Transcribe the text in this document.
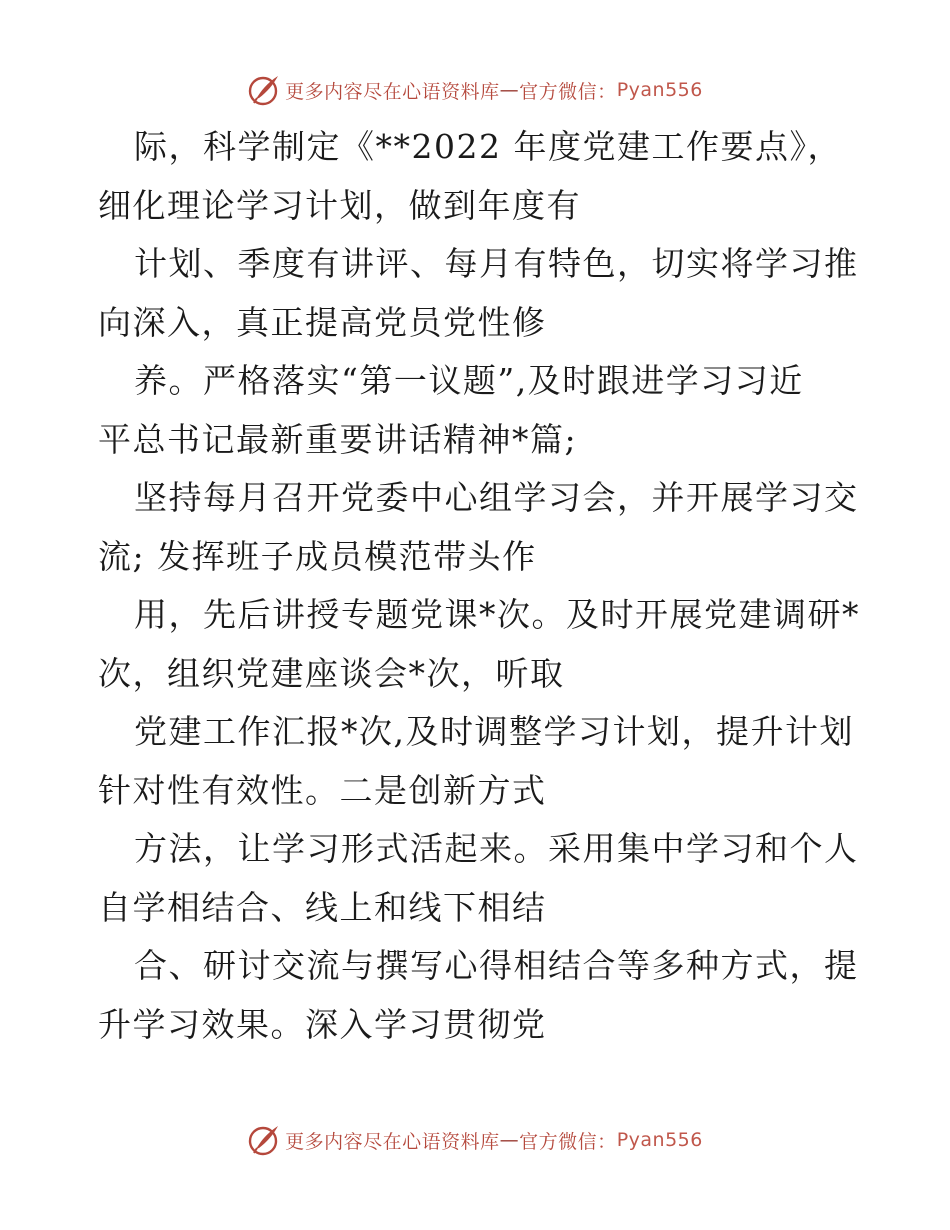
更多内容尽在心语资料库 — 官方微信： Pyan556
际，科学制定《**2022 年度党建工作要点》，
细化理论学习计划，做到年度有
计划、季度有讲评、每月有特色，切实将学习推
向深入，真正提高党员党性修
养。严格落实“第一议题”,及时跟进学习习近
平总书记最新重要讲话精神*篇;
坚持每月召开党委中心组学习会，并开展学习交
流; 发挥班子成员模范带头作
用，先后讲授专题党课*次。及时开展党建调研*
次，组织党建座谈会*次，听取
党建工作汇报*次,及时调整学习计划，提升计划
针对性有效性。二是创新方式
方法，让学习形式活起来。采用集中学习和个人
自学相结合、线上和线下相结
合、研讨交流与撰写心得相结合等多种方式，提
升学习效果。深入学习贯彻党
更多内容尽在心语资料库 — 官方微信： Pyan556
